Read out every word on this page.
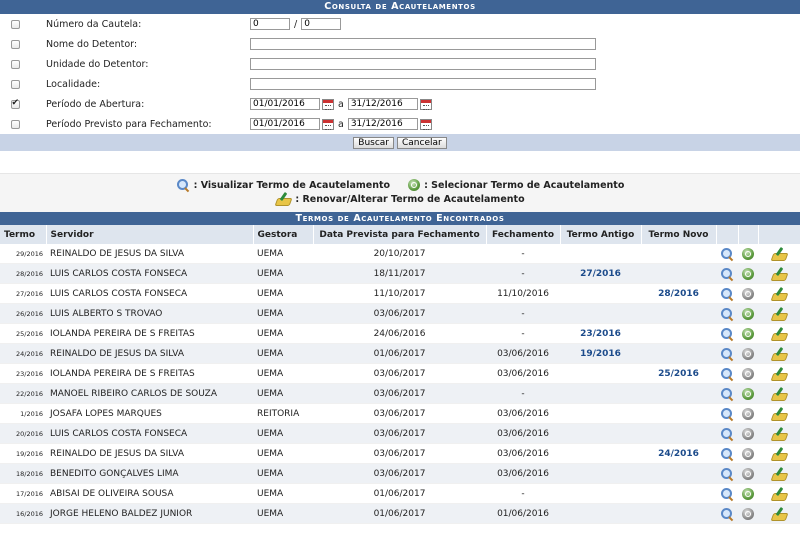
Consulta de Acautelamentos
Número da Cautela:
0	/
0
Nome do Detentor:
Unidade do Detentor:
Localidade:
✔
Período de Abertura:
01/01/2016	a
31/12/2016
Período Previsto para Fechamento:
01/01/2016	a
31/12/2016
Buscar	Cancelar
: Visualizar Termo de Acautelamento	: Selecionar Termo de Acautelamento
: Renovar/Alterar Termo de Acautelamento
Termos de Acautelamento Encontrados
Termo	Servidor	Gestora	Data Prevista para Fechamento	Fechamento	Termo Antigo	Termo Novo			
29/2016	REINALDO DE JESUS DA SILVA	UEMA	20/10/2017	-			

28/2016	LUIS CARLOS COSTA FONSECA	UEMA	18/11/2017	-	27/2016		

27/2016	LUIS CARLOS COSTA FONSECA	UEMA	11/10/2017	11/10/2016		28/2016	

26/2016	LUIS ALBERTO S TROVAO	UEMA	03/06/2017	-			

25/2016	IOLANDA PEREIRA DE S FREITAS	UEMA	24/06/2016	-	23/2016		

24/2016	REINALDO DE JESUS DA SILVA	UEMA	01/06/2017	03/06/2016	19/2016		

23/2016	IOLANDA PEREIRA DE S FREITAS	UEMA	03/06/2017	03/06/2016		25/2016	

22/2016	MANOEL RIBEIRO CARLOS DE SOUZA	UEMA	03/06/2017	-			

1/2016	JOSAFA LOPES MARQUES	REITORIA	03/06/2017	03/06/2016			

20/2016	LUIS CARLOS COSTA FONSECA	UEMA	03/06/2017	03/06/2016			

19/2016	REINALDO DE JESUS DA SILVA	UEMA	03/06/2017	03/06/2016		24/2016	

18/2016	BENEDITO GONÇALVES LIMA	UEMA	03/06/2017	03/06/2016			

17/2016	ABISAI DE OLIVEIRA SOUSA	UEMA	01/06/2017	-			

16/2016	JORGE HELENO BALDEZ JUNIOR	UEMA	01/06/2017	01/06/2016			
